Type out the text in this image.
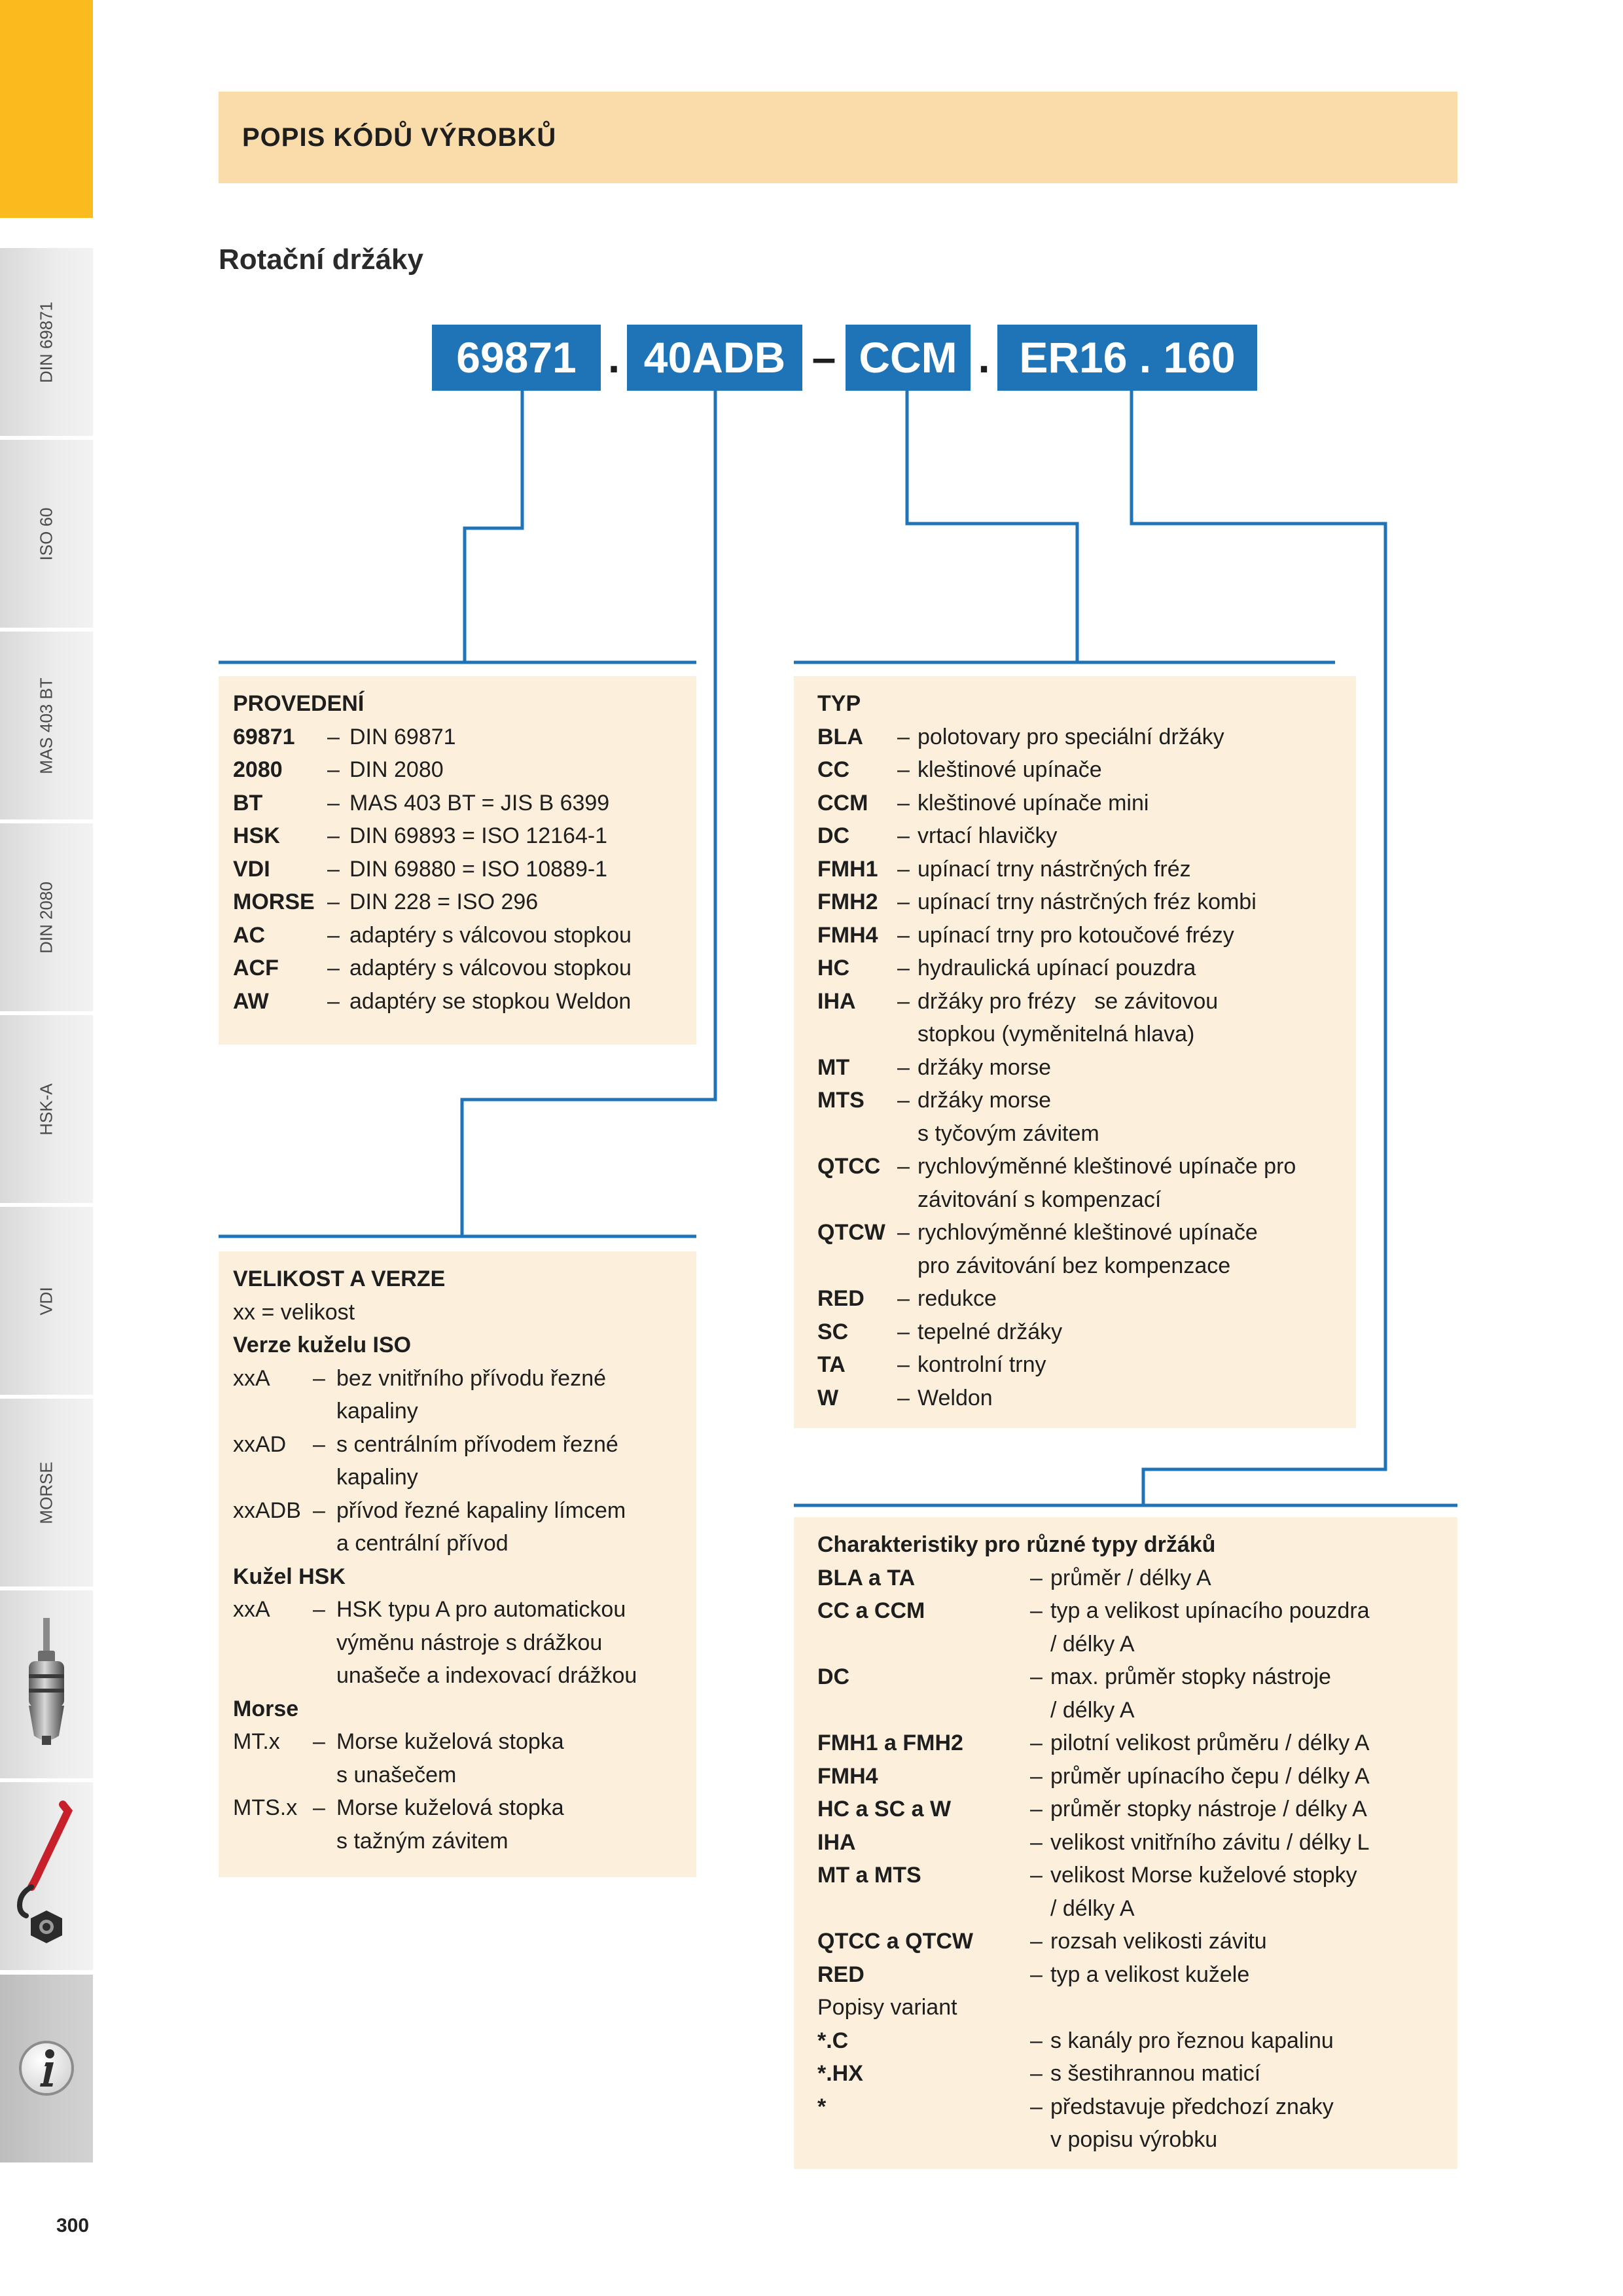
DIN 69871
ISO 60
MAS 403 BT
DIN 2080
HSK-A
VDI
MORSE
POPIS KÓDŮ VÝROBKŮ
Rotační držáky
69871 . 40ADB – CCM . ER16 . 160
PROVEDENÍ
69871	– DIN 69871
2080	– DIN 2080
BT	– MAS 403 BT = JIS B 6399
HSK	– DIN 69893 = ISO 12164-1
VDI	– DIN 69880 = ISO 10889-1
MORSE – DIN 228 = ISO 296
AC	– adaptéry s válcovou stopkou
ACF	– adaptéry s válcovou stopkou
AW	– adaptéry se stopkou Weldon
TYP
BLA	– polotovary pro speciální držáky
CC	– kleštinové upínače
CCM	– kleštinové upínače mini
DC	– vrtací hlavičky
FMH1 – upínací trny nástrčných fréz
FMH2 – upínací trny nástrčných fréz kombi
FMH4 – upínací trny pro kotoučové frézy
HC	– hydraulická upínací pouzdra
IHA	– držáky pro frézy   se závitovou
stopkou (vyměnitelná hlava)
MT	– držáky morse
MTS	– držáky morse
s tyčovým závitem
QTCC – rychlovýměnné kleštinové upínače pro
závitování s kompenzací
QTCW – rychlovýměnné kleštinové upínače
pro závitování bez kompenzace
RED	– redukce
SC	– tepelné držáky
TA	– kontrolní trny
W	– Weldon
VELIKOST A VERZE
xx = velikost
Verze kuželu ISO
xxA	– bez vnitřního přívodu řezné
kapaliny
xxAD	– s centrálním přívodem řezné
kapaliny
xxADB – přívod řezné kapaliny límcem
a centrální přívod
Kužel HSK
xxA	– HSK typu A pro automatickou
výměnu nástroje s drážkou
unašeče a indexovací drážkou
Morse
MT.x	– Morse kuželová stopka
s unašečem
MTS.x – Morse kuželová stopka
s tažným závitem
Charakteristiky pro různé typy držáků
BLA a TA	– průměr / délky A
CC a CCM	– typ a velikost upínacího pouzdra
/ délky A
DC	– max. průměr stopky nástroje
/ délky A
FMH1 a FMH2	– pilotní velikost průměru / délky A
FMH4	– průměr upínacího čepu / délky A
HC a SC a W	– průměr stopky nástroje / délky A
IHA	– velikost vnitřního závitu / délky L
MT a MTS	– velikost Morse kuželové stopky
/ délky A
QTCC a QTCW	– rozsah velikosti závitu
RED	– typ a velikost kužele
Popisy variant
*.C	– s kanály pro řeznou kapalinu
*.HX	– s šestihrannou maticí
*	– představuje předchozí znaky
v popisu výrobku
300
